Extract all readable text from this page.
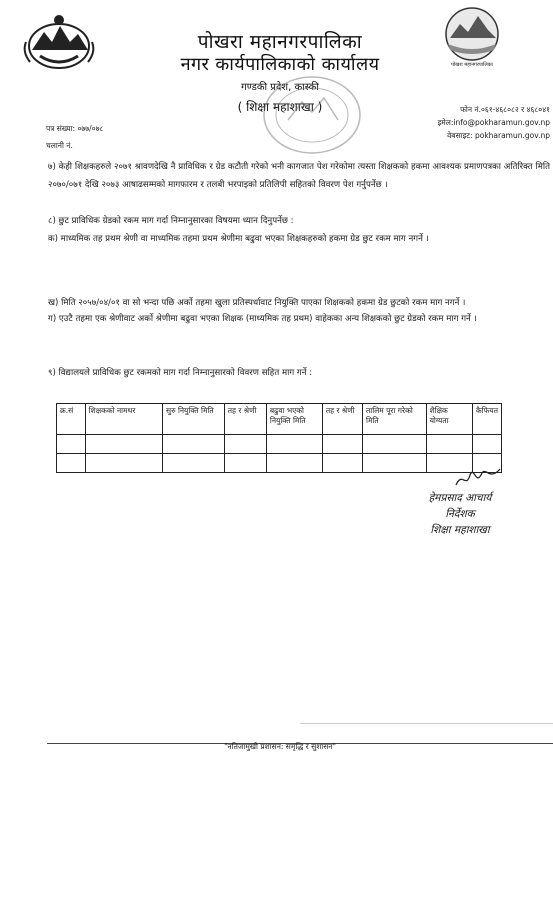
पोखरा महानगरपालिका
नगर कार्यपालिकाको कार्यालय
गण्डकी प्रदेश, कास्की
( शिक्षा महाशाखा )
पोखरा महानगरपालिका
फोन नं.०६१-४६८०८२ र ४६८०४१
इमेल:info@pokharamun.gov.np
वेबसाइट: pokharamun.gov.np
पत्र संख्या: ०७७/०७८
चलानी नं.
७) केही शिक्षकहरुले २०७१ श्रावणदेखि नै प्राविधिक र ग्रेड कटौती गरेको भनी कागजात पेश गरेकोमा त्यस्ता शिक्षकको हकमा आवश्यक प्रमाणपत्रका अतिरिक्त मिति २०७०/०७१ देखि २०७३ आषाढसम्मको मागफारम र तलबी भरपाइको प्रतिलिपी सहितको विवरण पेश गर्नुपर्नेछ ।
८) छुट प्राविधिक ग्रेडको रकम माग गर्दा निम्नानुसारका विषयमा ध्यान दिनुपर्नेछ :
क) माध्यमिक तह प्रथम श्रेणी वा माध्यमिक तहमा प्रथम श्रेणीमा बढुवा भएका शिक्षकहरुको हकमा ग्रेड छुट रकम माग नगर्ने ।
ख) मिति २०५७/०४/०१ वा सो भन्दा पछि अर्को तहमा खुला प्रतिस्पर्धावाट नियुक्ति पाएका शिक्षकको हकमा ग्रेड छुटको रकम माग नगर्ने ।
ग) एउटै तहमा एक श्रेणीवाट अर्को श्रेणीमा बढुवा भएका शिक्षक (माध्यमिक तह प्रथम) वाहेकका अन्य शिक्षकको छुट ग्रेडको रकम माग गर्ने ।
९) विद्यालयले प्राविधिक छुट रकमको माग गर्दा निम्नानुसारको विवरण सहित माग गर्ने :
क्र.सं	शिक्षकको नामथर	सुरु नियुक्ति मिति	तह र श्रेणी	बढुवा भएको नियुक्ति मिति	तह र श्रेणी	तालिम पूरा गरेको मिति	शैक्षिक योग्यता	कैफियत

हेमप्रसाद आचार्य
निर्देशक
शिक्षा महाशाखा
"नतिजामुखी प्रशासन: समृद्धि र सुशासन"
